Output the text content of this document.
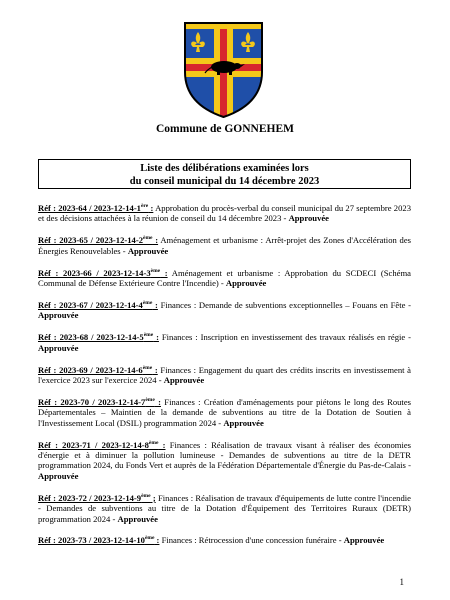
Commune de GONNEHEM
Liste des délibérations examinées lors
du conseil municipal du 14 décembre 2023
Réf : 2023-64 / 2023-12-14-1ère : Approbation du procès-verbal du conseil municipal du 27 septembre 2023 et des décisions attachées à la réunion de conseil du 14 décembre 2023 - Approuvée
Réf : 2023-65 / 2023-12-14-2ème : Aménagement et urbanisme : Arrêt-projet des Zones d'Accélération des Énergies Renouvelables - Approuvée
Réf : 2023-66 / 2023-12-14-3ème : Aménagement et urbanisme : Approbation du SCDECI (Schéma Communal de Défense Extérieure Contre l'Incendie) - Approuvée
Réf : 2023-67 / 2023-12-14-4ème : Finances : Demande de subventions exceptionnelles – Fouans en Fête - Approuvée
Réf : 2023-68 / 2023-12-14-5ème : Finances : Inscription en investissement des travaux réalisés en régie - Approuvée
Réf : 2023-69 / 2023-12-14-6ème : Finances : Engagement du quart des crédits inscrits en investissement à l'exercice 2023 sur l'exercice 2024 - Approuvée
Réf : 2023-70 / 2023-12-14-7ème : Finances : Création d'aménagements pour piétons le long des Routes Départementales – Maintien de la demande de subventions au titre de la Dotation de Soutien à l'Investissement Local (DSIL) programmation 2024 - Approuvée
Réf : 2023-71 / 2023-12-14-8ème : Finances : Réalisation de travaux visant à réaliser des économies d'énergie et à diminuer la pollution lumineuse - Demandes de subventions au titre de la DETR programmation 2024, du Fonds Vert et auprès de la Fédération Départementale d'Énergie du Pas-de-Calais - Approuvée
Réf : 2023-72 / 2023-12-14-9ème ; Finances : Réalisation de travaux d'équipements de lutte contre l'incendie - Demandes de subventions au titre de la Dotation d'Équipement des Territoires Ruraux (DETR) programmation 2024 - Approuvée
Réf : 2023-73 / 2023-12-14-10ème : Finances : Rétrocession d'une concession funéraire - Approuvée
1
